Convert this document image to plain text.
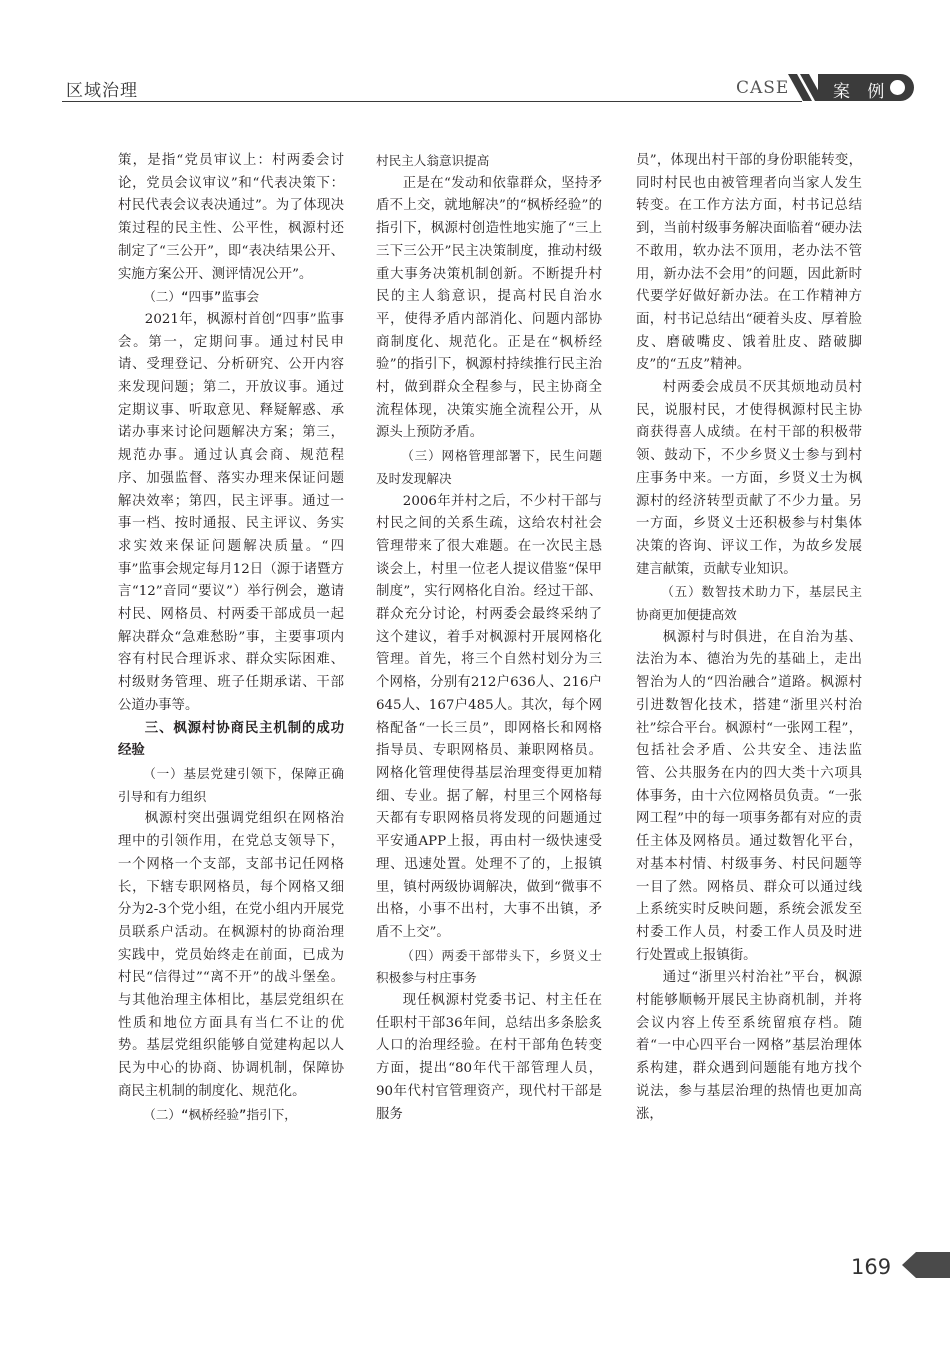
区域治理	CASE	案 例

策，是指“党员审议上：村两委会讨论，党员会议审议”和“代表决策下：村民代表会议表决通过”。为了体现决策过程的民主性、公平性，枫源村还制定了“三公开”，即“表决结果公开、实施方案公开、测评情况公开”。

（二）“四事”监事会

2021年，枫源村首创“四事”监事会。第一，定期问事。通过村民申请、受理登记、分析研究、公开内容来发现问题；第二，开放议事。通过定期议事、听取意见、释疑解惑、承诺办事来讨论问题解决方案；第三，规范办事。通过认真会商、规范程序、加强监督、落实办理来保证问题解决效率；第四，民主评事。通过一事一档、按时通报、民主评议、务实求实效来保证问题解决质量。“四事”监事会规定每月12日（源于诸暨方言“12”音同“要议”）举行例会，邀请村民、网格员、村两委干部成员一起解决群众“急难愁盼”事，主要事项内容有村民合理诉求、群众实际困难、村级财务管理、班子任期承诺、干部公道办事等。

三、枫源村协商民主机制的成功经验

（一）基层党建引领下，保障正确引导和有力组织

枫源村突出强调党组织在网格治理中的引领作用，在党总支领导下，一个网格一个支部，支部书记任网格长，下辖专职网格员，每个网格又细分为2-3个党小组，在党小组内开展党员联系户活动。在枫源村的协商治理实践中，党员始终走在前面，已成为村民“信得过”“离不开”的战斗堡垒。与其他治理主体相比，基层党组织在性质和地位方面具有当仁不让的优势。基层党组织能够自觉建构起以人民为中心的协商、协调机制，保障协商民主机制的制度化、规范化。

（二）“枫桥经验”指引下，

村民主人翁意识提高

正是在“发动和依靠群众，坚持矛盾不上交，就地解决”的“枫桥经验”的指引下，枫源村创造性地实施了“三上三下三公开”民主决策制度，推动村级重大事务决策机制创新。不断提升村民的主人翁意识，提高村民自治水平，使得矛盾内部消化、问题内部协商制度化、规范化。正是在“枫桥经验”的指引下，枫源村持续推行民主治村，做到群众全程参与，民主协商全流程体现，决策实施全流程公开，从源头上预防矛盾。

（三）网格管理部署下，民生问题及时发现解决

2006年并村之后，不少村干部与村民之间的关系生疏，这给农村社会管理带来了很大难题。在一次民主恳谈会上，村里一位老人提议借鉴“保甲制度”，实行网格化自治。经过干部、群众充分讨论，村两委会最终采纳了这个建议，着手对枫源村开展网格化管理。首先，将三个自然村划分为三个网格，分别有212户636人、216户645人、167户485人。其次，每个网格配备“一长三员”，即网格长和网格指导员、专职网格员、兼职网格员。网格化管理使得基层治理变得更加精细、专业。据了解，村里三个网格每天都有专职网格员将发现的问题通过平安通APP上报，再由村一级快速受理、迅速处置。处理不了的，上报镇里，镇村两级协调解决，做到“微事不出格，小事不出村，大事不出镇，矛盾不上交”。

（四）两委干部带头下，乡贤义士积极参与村庄事务

现任枫源村党委书记、村主任在任职村干部36年间，总结出多条脍炙人口的治理经验。在村干部角色转变方面，提出“80年代干部管理人员，90年代村官管理资产，现代村干部是服务

员”，体现出村干部的身份职能转变，同时村民也由被管理者向当家人发生转变。在工作方法方面，村书记总结到，当前村级事务解决面临着“硬办法不敢用，软办法不顶用，老办法不管用，新办法不会用”的问题，因此新时代要学好做好新办法。在工作精神方面，村书记总结出“硬着头皮、厚着脸皮、磨破嘴皮、饿着肚皮、踏破脚皮”的“五皮”精神。

村两委会成员不厌其烦地动员村民，说服村民，才使得枫源村民主协商获得喜人成绩。在村干部的积极带领、鼓动下，不少乡贤义士参与到村庄事务中来。一方面，乡贤义士为枫源村的经济转型贡献了不少力量。另一方面，乡贤义士还积极参与村集体决策的咨询、评议工作，为故乡发展建言献策，贡献专业知识。

（五）数智技术助力下，基层民主协商更加便捷高效

枫源村与时俱进，在自治为基、法治为本、德治为先的基础上，走出智治为人的“四治融合”道路。枫源村引进数智化技术，搭建“浙里兴村治社”综合平台。枫源村“一张网工程”，包括社会矛盾、公共安全、违法监管、公共服务在内的四大类十六项具体事务，由十六位网格员负责。“一张网工程”中的每一项事务都有对应的责任主体及网格员。通过数智化平台，对基本村情、村级事务、村民问题等一目了然。网格员、群众可以通过线上系统实时反映问题，系统会派发至村委工作人员，村委工作人员及时进行处置或上报镇街。

通过“浙里兴村治社”平台，枫源村能够顺畅开展民主协商机制，并将会议内容上传至系统留痕存档。随着“一中心四平台一网格”基层治理体系构建，群众遇到问题能有地方找个说法，参与基层治理的热情也更加高涨，

169
